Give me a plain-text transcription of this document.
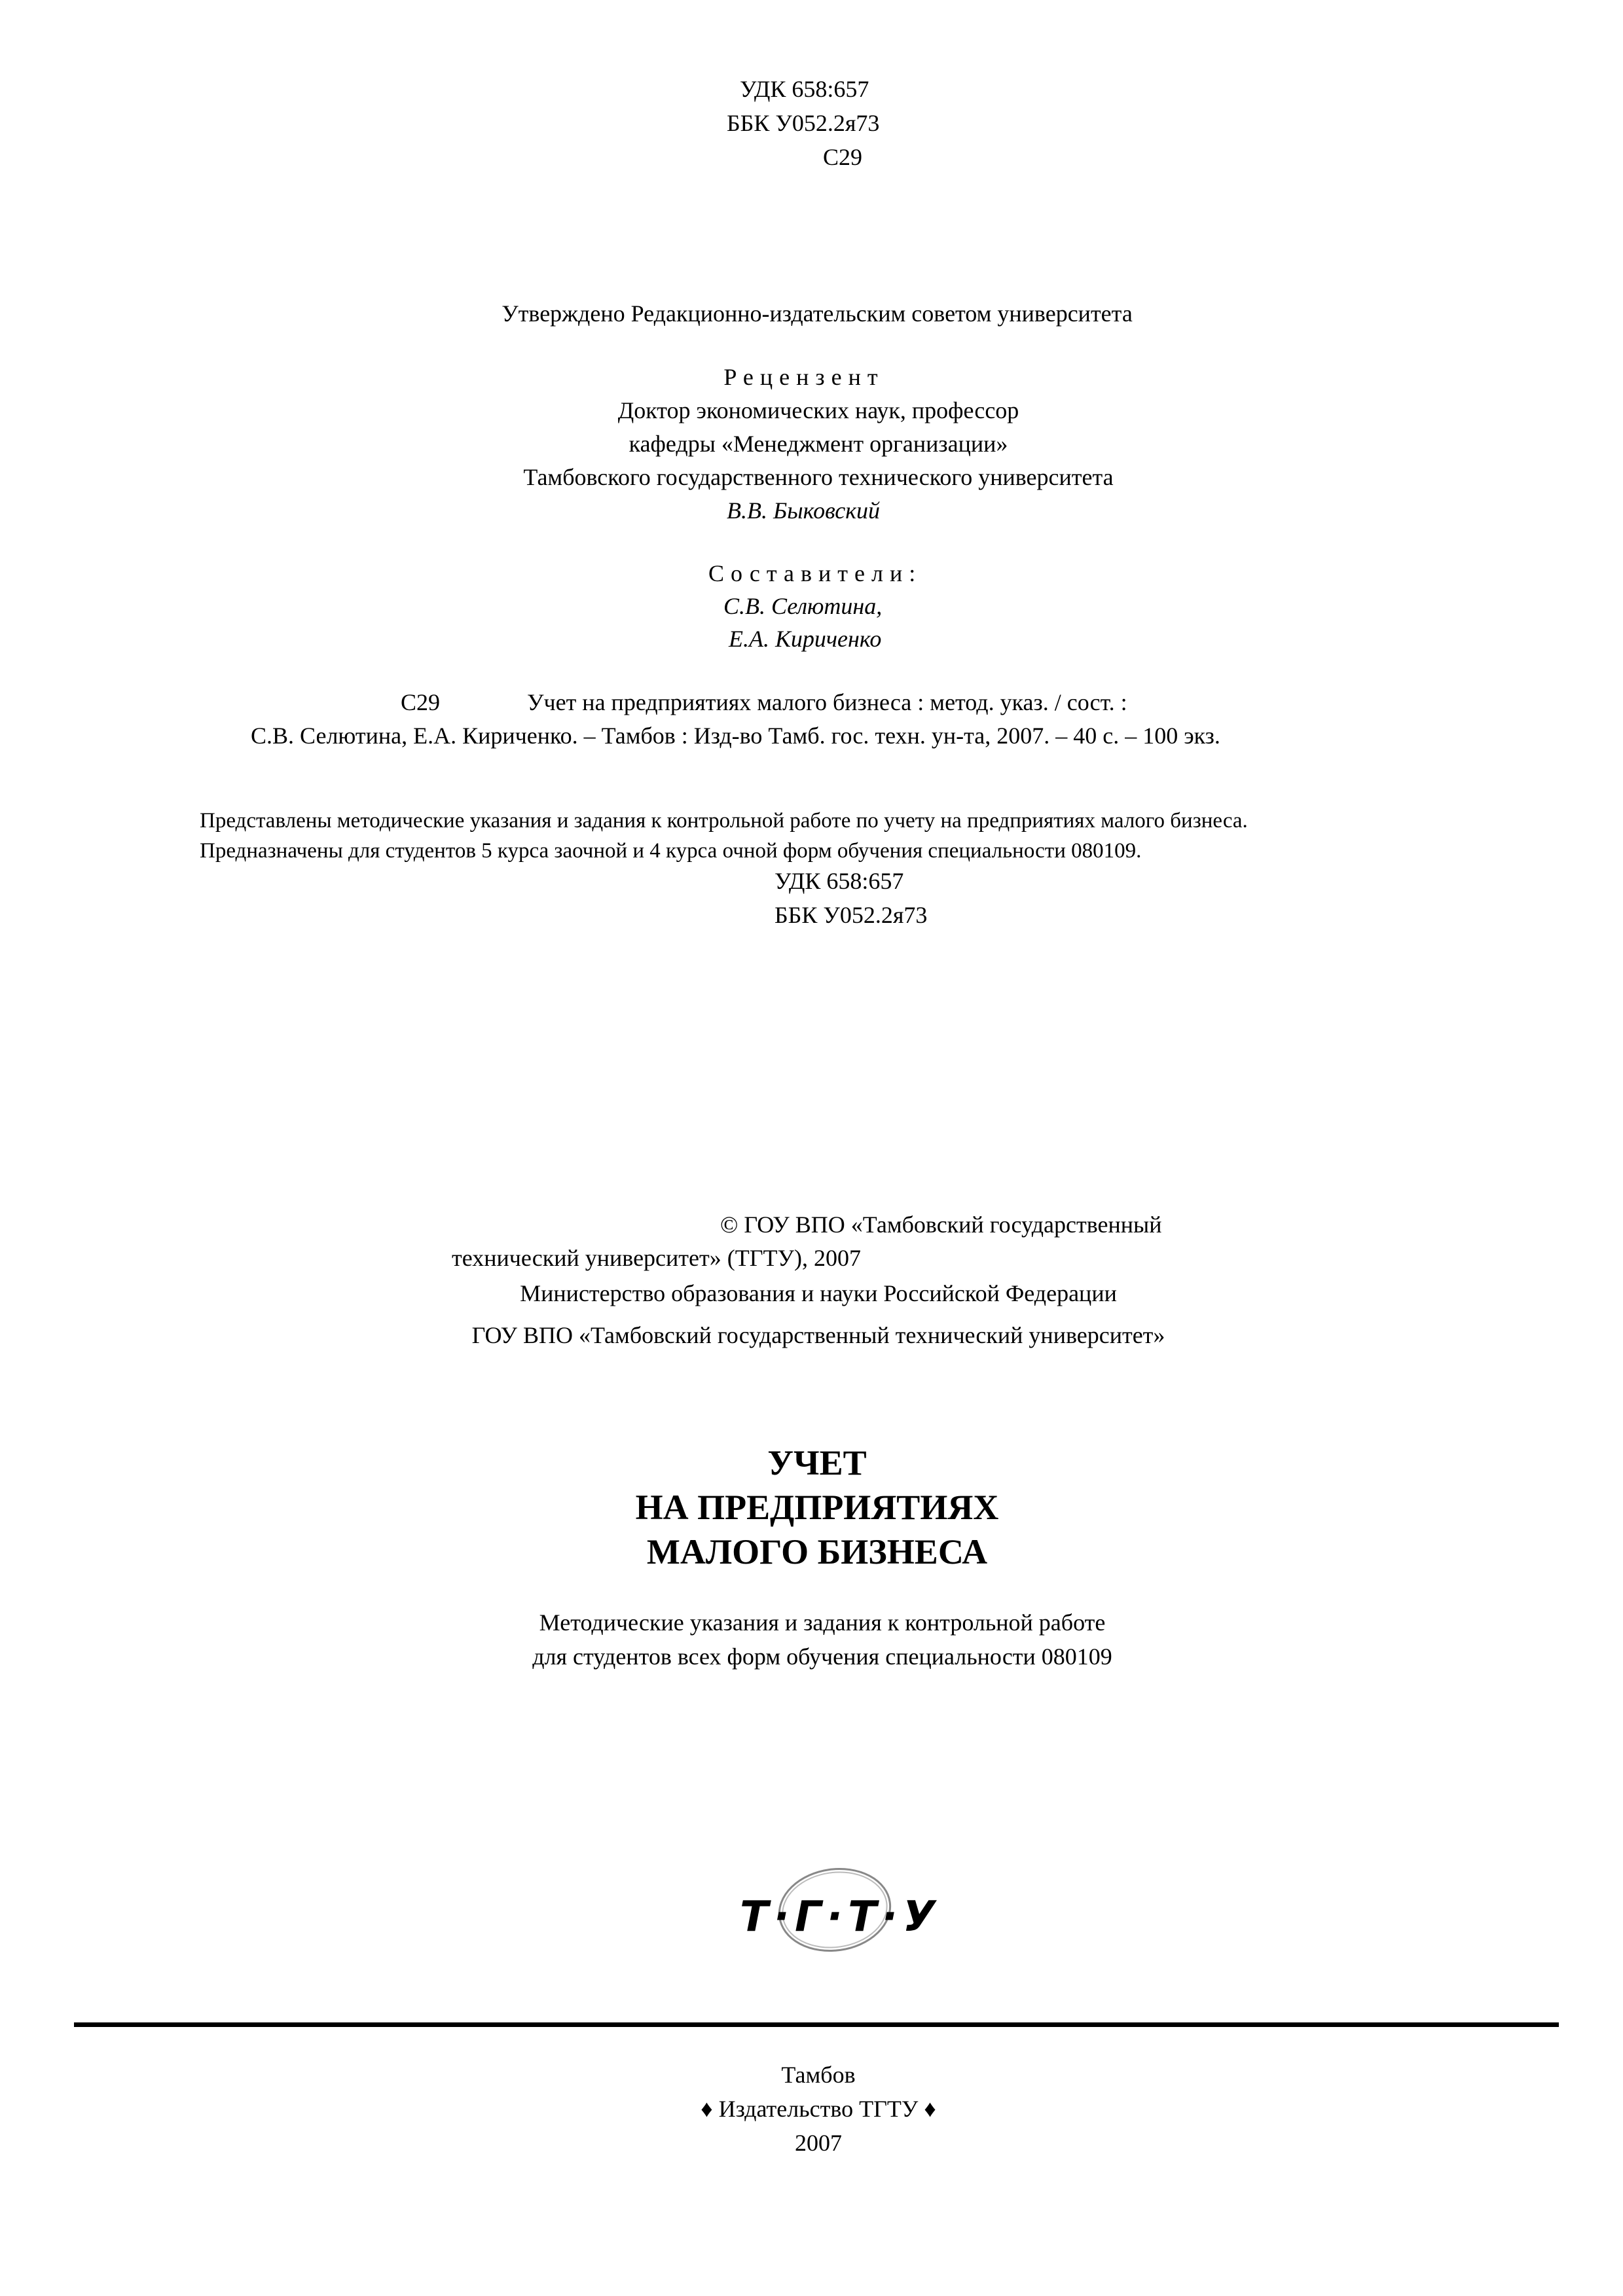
УДК 658:657
ББК У052.2я73
С29
Утверждено Редакционно-издательским советом университета
Рецензент
Доктор экономических наук, профессор
кафедры «Менеджмент организации»
Тамбовского государственного технического университета
В.В. Быковский
Составители:
С.В. Селютина,
Е.А. Кириченко
С29	Учет на предприятиях малого бизнеса : метод. указ. / сост. :
С.В. Селютина, Е.А. Кириченко. – Тамбов : Изд-во Тамб. гос. техн. ун-та, 2007. – 40 с. – 100 экз.
Представлены методические указания и задания к контрольной работе по учету на предприятиях малого бизнеса.
Предназначены для студентов 5 курса заочной и 4 курса очной форм обучения специальности 080109.
УДК 658:657
ББК У052.2я73
© ГОУ ВПО «Тамбовский государственный
технический университет» (ТГТУ), 2007
Министерство образования и науки Российской Федерации
ГОУ ВПО «Тамбовский государственный технический университет»
УЧЕТ
НА ПРЕДПРИЯТИЯХ
МАЛОГО БИЗНЕСА
Методические указания и задания к контрольной работе
для студентов всех форм обучения специальности 080109
Т·Г·Т·У
Тамбов
♦ Издательство ТГТУ ♦
2007
